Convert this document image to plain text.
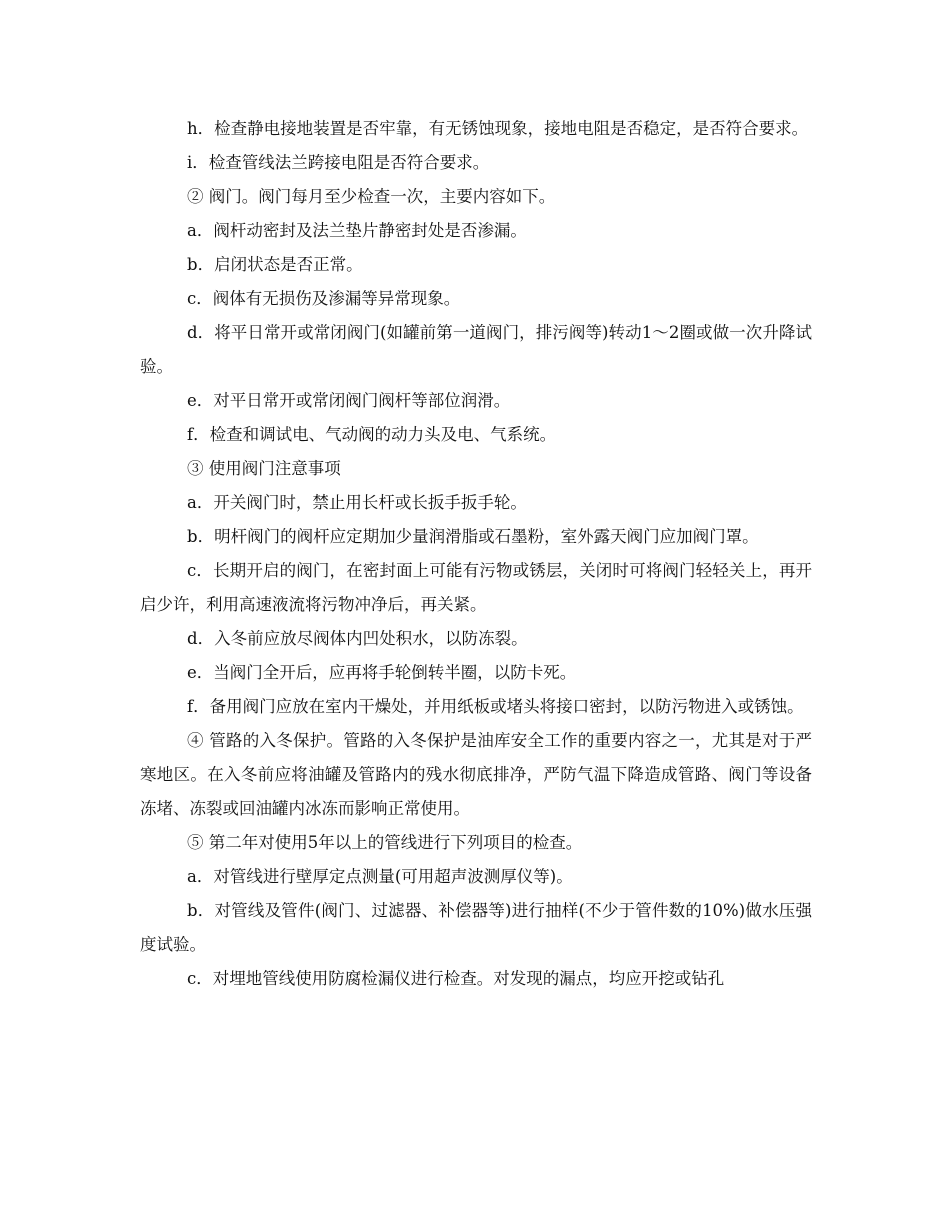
h．检查静电接地装置是否牢靠，有无锈蚀现象，接地电阻是否稳定，是否符合要求。

i．检查管线法兰跨接电阻是否符合要求。

② 阀门。阀门每月至少检查一次，主要内容如下。

a．阀杆动密封及法兰垫片静密封处是否渗漏。

b．启闭状态是否正常。

c．阀体有无损伤及渗漏等异常现象。

d．将平日常开或常闭阀门(如罐前第一道阀门，排污阀等)转动1～2圈或做一次升降试验。

e．对平日常开或常闭阀门阀杆等部位润滑。

f．检查和调试电、气动阀的动力头及电、气系统。

③ 使用阀门注意事项

a．开关阀门时，禁止用长杆或长扳手扳手轮。

b．明杆阀门的阀杆应定期加少量润滑脂或石墨粉，室外露天阀门应加阀门罩。

c．长期开启的阀门，在密封面上可能有污物或锈层，关闭时可将阀门轻轻关上，再开启少许，利用高速液流将污物冲净后，再关紧。

d．入冬前应放尽阀体内凹处积水，以防冻裂。

e．当阀门全开后，应再将手轮倒转半圈，以防卡死。

f．备用阀门应放在室内干燥处，并用纸板或堵头将接口密封，以防污物进入或锈蚀。

④ 管路的入冬保护。管路的入冬保护是油库安全工作的重要内容之一，尤其是对于严寒地区。在入冬前应将油罐及管路内的残水彻底排净，严防气温下降造成管路、阀门等设备冻堵、冻裂或回油罐内冰冻而影响正常使用。

⑤ 第二年对使用5年以上的管线进行下列项目的检查。

a．对管线进行壁厚定点测量(可用超声波测厚仪等)。

b．对管线及管件(阀门、过滤器、补偿器等)进行抽样(不少于管件数的10%)做水压强度试验。

c．对埋地管线使用防腐检漏仪进行检查。对发现的漏点，均应开挖或钻孔
